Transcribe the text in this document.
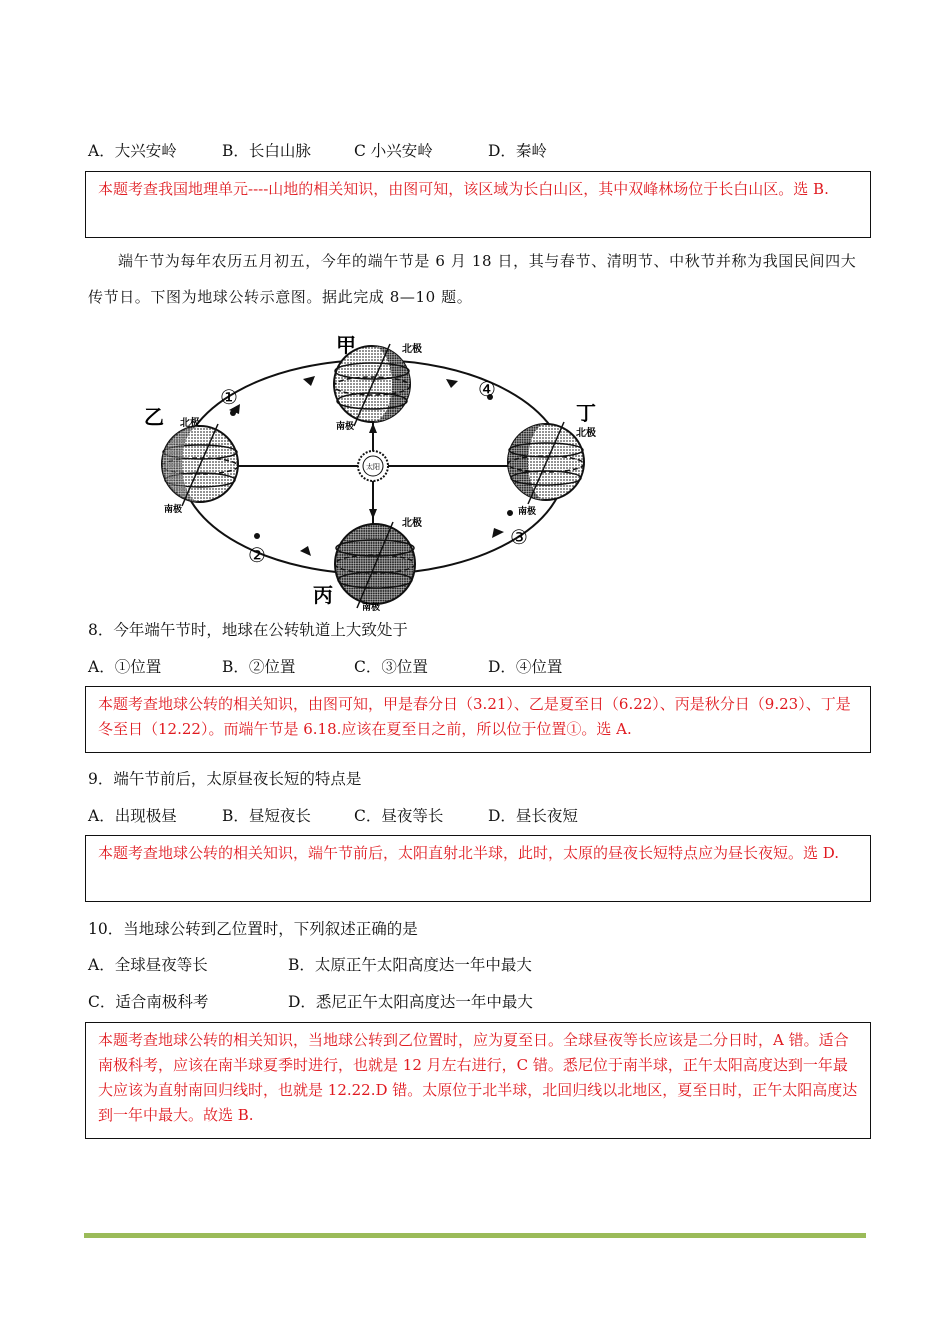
A．大兴安岭	B．长白山脉	C 小兴安岭	D．秦岭
本题考查我国地理单元----山地的相关知识，由图可知，该区域为长白山区，其中双峰林场位于长白山区。选 B.
端午节为每年农历五月初五，今年的端午节是 6 月 18 日，其与春节、清明节、中秋节并称为我国民间四大传节日。下图为地球公转示意图。据此完成 8—10 题。
太阳
甲	北极
南极
乙 北极
南极
丙
北极
南极
丁
北极
南极
①
②
③
④
8．今年端午节时，地球在公转轨道上大致处于
A．①位置	B．②位置	C．③位置	D．④位置
本题考查地球公转的相关知识，由图可知，甲是春分日（3.21）、乙是夏至日（6.22）、丙是秋分日（9.23）、丁是冬至日（12.22）。而端午节是 6.18.应该在夏至日之前，所以位于位置①。选 A.
9．端午节前后，太原昼夜长短的特点是
A．出现极昼	B．昼短夜长	C．昼夜等长	D．昼长夜短
本题考查地球公转的相关知识，端午节前后，太阳直射北半球，此时，太原的昼夜长短特点应为昼长夜短。选 D.
10．当地球公转到乙位置时，下列叙述正确的是
A．全球昼夜等长	B．太原正午太阳高度达一年中最大
C．适合南极科考	D．悉尼正午太阳高度达一年中最大
本题考查地球公转的相关知识，当地球公转到乙位置时，应为夏至日。全球昼夜等长应该是二分日时，A 错。适合南极科考，应该在南半球夏季时进行，也就是 12 月左右进行，C 错。悉尼位于南半球，正午太阳高度达到一年最大应该为直射南回归线时，也就是 12.22.D 错。太原位于北半球，北回归线以北地区，夏至日时，正午太阳高度达到一年中最大。故选 B.
